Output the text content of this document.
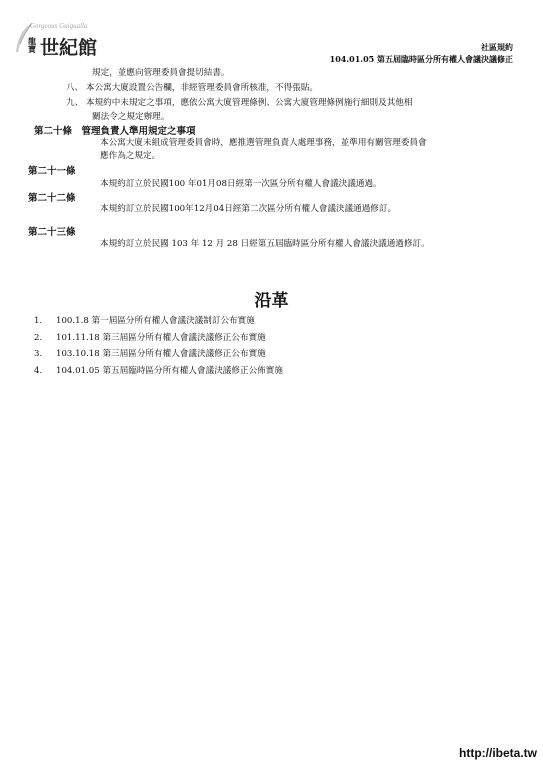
Gorgeous Guigualla
龍寶 世紀館	社區規約
104.01.05 第五屆臨時區分所有權人會議決議修正
規定，並應向管理委員會提切結書。
八、 本公寓大廈設置公告欄，非經管理委員會所核准，不得張貼。
九、 本規約中未規定之事項，應依公寓大廈管理條例、公寓大廈管理條例施行細則及其他相
關法令之規定辦理。
第二十條　管理負責人準用規定之事項
本公寓大廈未組成管理委員會時，應推選管理負責人處理事務，並準用有關管理委員會
應作為之規定。
第二十一條
本規約訂立於民國100 年01月08日經第一次區分所有權人會議決議通過。
第二十二條
本規約訂立於民國100年12月04日經第二次區分所有權人會議決議通過修訂。
第二十三條
本規約訂立於民國 103 年 12 月 28 日經第五屆臨時區分所有權人會議決議通過修訂。
沿革
1. 100.1.8 第一屆區分所有權人會議決議制訂公布實施
2. 101.11.18 第三屆區分所有權人會議決議修正公布實施
3. 103.10.18 第三屆區分所有權人會議決議修正公布實施
4. 104.01.05 第五屆臨時區分所有權人會議決議修正公佈實施
http://ibeta.tw
